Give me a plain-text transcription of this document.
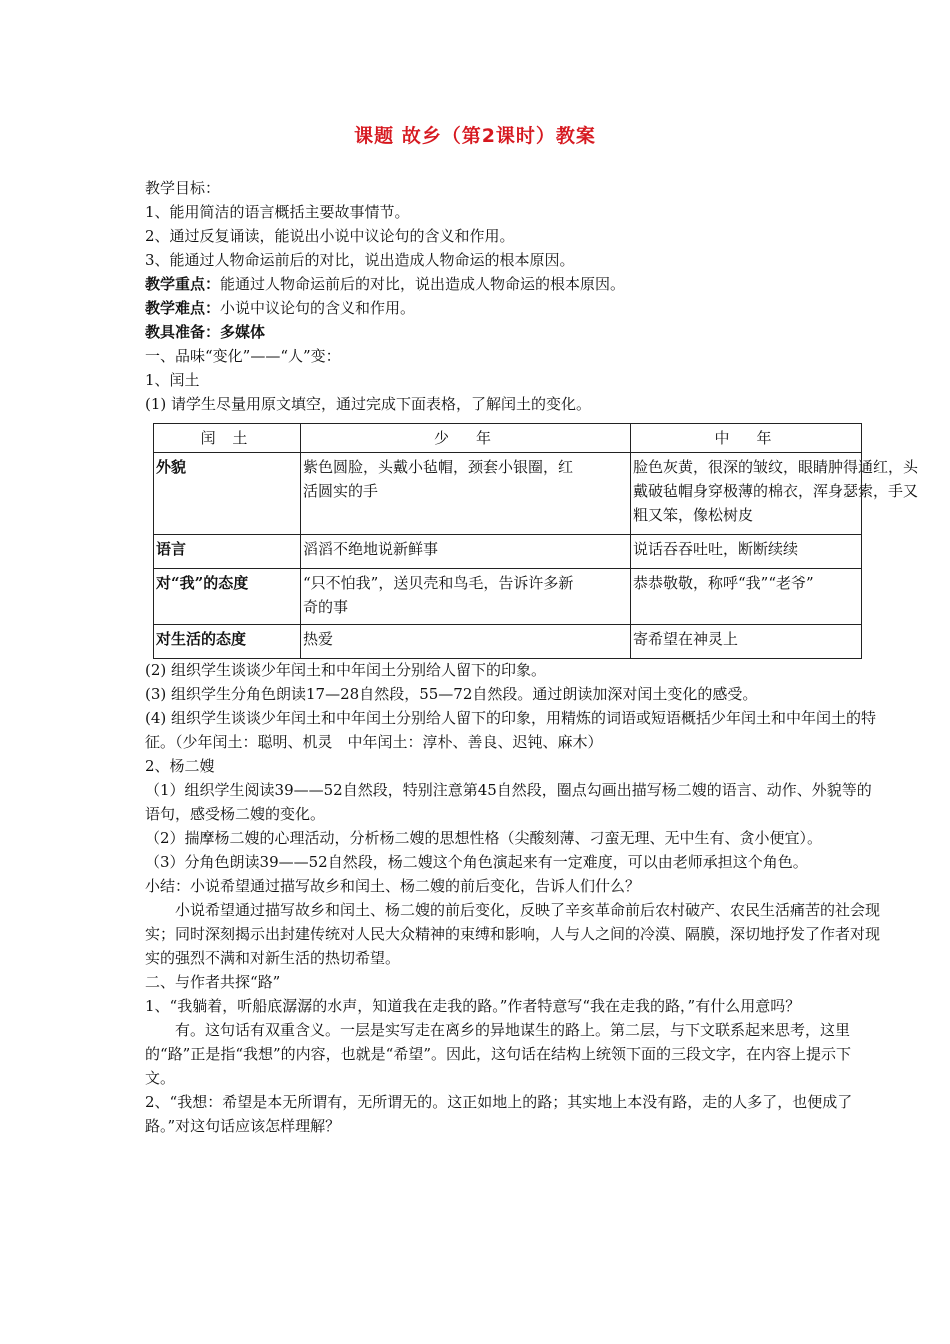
课题 故乡（第2课时）教案
教学目标：
1、能用简洁的语言概括主要故事情节。
2、通过反复诵读，能说出小说中议论句的含义和作用。
3、能通过人物命运前后的对比，说出造成人物命运的根本原因。
教学重点：能通过人物命运前后的对比，说出造成人物命运的根本原因。
教学难点：小说中议论句的含义和作用。
教具准备：多媒体
一、品味“变化”——“人”变：
1、闰土
(1) 请学生尽量用原文填空，通过完成下面表格，了解闰土的变化。
闰 土	少　年	中　年
外貌	紫色圆脸，头戴小毡帽，颈套小银圈，红活圆实的手	脸色灰黄，很深的皱纹，眼睛肿得通红，头戴破毡帽身穿极薄的棉衣，浑身瑟索，手又粗又笨，像松树皮

语言	滔滔不绝地说新鲜事	说话吞吞吐吐，断断续续
对“我”的态度	“只不怕我”，送贝壳和鸟毛，告诉许多新奇的事	恭恭敬敬，称呼“我”“老爷”
对生活的态度	热爱	寄希望在神灵上
(2) 组织学生谈谈少年闰土和中年闰土分别给人留下的印象。
(3) 组织学生分角色朗读17—28自然段，55—72自然段。通过朗读加深对闰土变化的感受。
(4) 组织学生谈谈少年闰土和中年闰土分别给人留下的印象，用精炼的词语或短语概括少年闰土和中年闰土的特征。（少年闰土：聪明、机灵　中年闰土：淳朴、善良、迟钝、麻木）
2、杨二嫂
（1）组织学生阅读39——52自然段，特别注意第45自然段，圈点勾画出描写杨二嫂的语言、动作、外貌等的语句，感受杨二嫂的变化。
（2）揣摩杨二嫂的心理活动，分析杨二嫂的思想性格（尖酸刻薄、刁蛮无理、无中生有、贪小便宜）。
（3）分角色朗读39——52自然段，杨二嫂这个角色演起来有一定难度，可以由老师承担这个角色。
小结：小说希望通过描写故乡和闰土、杨二嫂的前后变化，告诉人们什么？
小说希望通过描写故乡和闰土、杨二嫂的前后变化，反映了辛亥革命前后农村破产、农民生活痛苦的社会现实；同时深刻揭示出封建传统对人民大众精神的束缚和影响，人与人之间的冷漠、隔膜，深切地抒发了作者对现实的强烈不满和对新生活的热切希望。
二、与作者共探“路”
1、“我躺着，听船底潺潺的水声，知道我在走我的路。”作者特意写“我在走我的路，”有什么用意吗？
有。这句话有双重含义。一层是实写走在离乡的异地谋生的路上。第二层，与下文联系起来思考，这里的“路”正是指“我想”的内容，也就是“希望”。因此，这句话在结构上统领下面的三段文字，在内容上提示下文。
2、“我想：希望是本无所谓有，无所谓无的。这正如地上的路；其实地上本没有路，走的人多了，也便成了路。”对这句话应该怎样理解？
